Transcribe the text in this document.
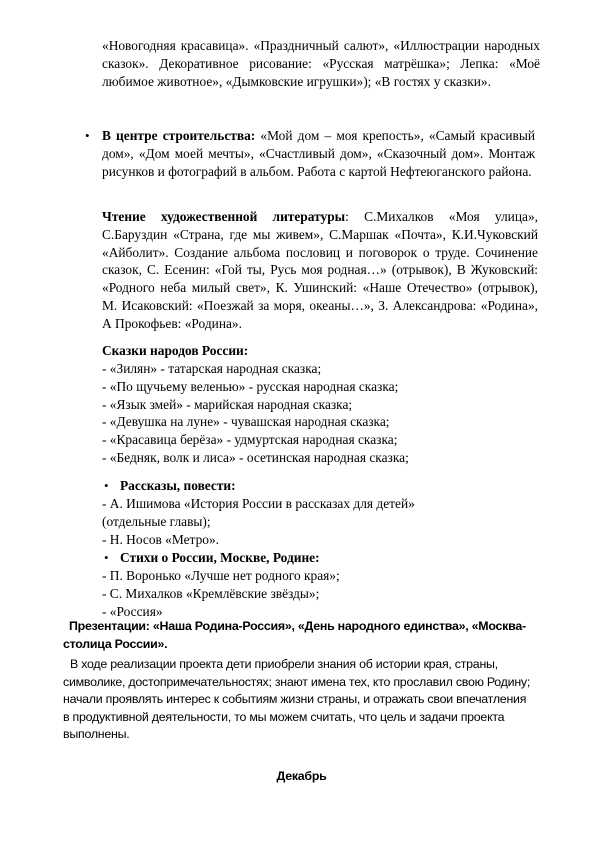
«Новогодняя красавица». «Праздничный салют», «Иллюстрации народных сказок». Декоративное рисование: «Русская матрёшка»; Лепка: «Моё любимое животное», «Дымковские игрушки»); «В гостях у сказки».
• В центре строительства: «Мой дом – моя крепость», «Самый красивый дом», «Дом моей мечты», «Счастливый дом», «Сказочный дом». Монтаж рисунков и фотографий в альбом. Работа с картой Нефтеюганского района.
Чтение художественной литературы: С.Михалков «Моя улица», С.Баруздин «Страна, где мы живем», С.Маршак «Почта», К.И.Чуковский «Айболит». Создание альбома пословиц и поговорок о труде. Сочинение сказок, С. Есенин: «Гой ты, Русь моя родная…» (отрывок), В Жуковский: «Родного неба милый свет», К. Ушинский: «Наше Отечество» (отрывок), М. Исаковский: «Поезжай за моря, океаны…», З. Александрова: «Родина», А Прокофьев: «Родина».
Сказки народов России:
- «Зилян» - татарская народная сказка;
- «По щучьему веленью» - русская народная сказка;
- «Язык змей» - марийская народная сказка;
- «Девушка на луне» - чувашская народная сказка;
- «Красавица берёза» - удмуртская народная сказка;
- «Бедняк, волк и лиса» - осетинская народная сказка;
• Рассказы, повести:
- А. Ишимова «История России в рассказах для детей» (отдельные главы);
- Н. Носов «Метро».
• Стихи о России, Москве, Родине:
- П. Воронько «Лучше нет родного края»;
- С. Михалков «Кремлёвские звёзды»;
- «Россия»
Презентации: «Наша Родина-Россия», «День народного единства», «Москва-столица России».
В ходе реализации проекта дети приобрели знания об истории края, страны, символике, достопримечательностях; знают имена тех, кто прославил свою Родину; начали проявлять интерес к событиям жизни страны, и отражать свои впечатления в продуктивной деятельности, то мы можем считать, что цель и задачи проекта выполнены.
Декабрь
